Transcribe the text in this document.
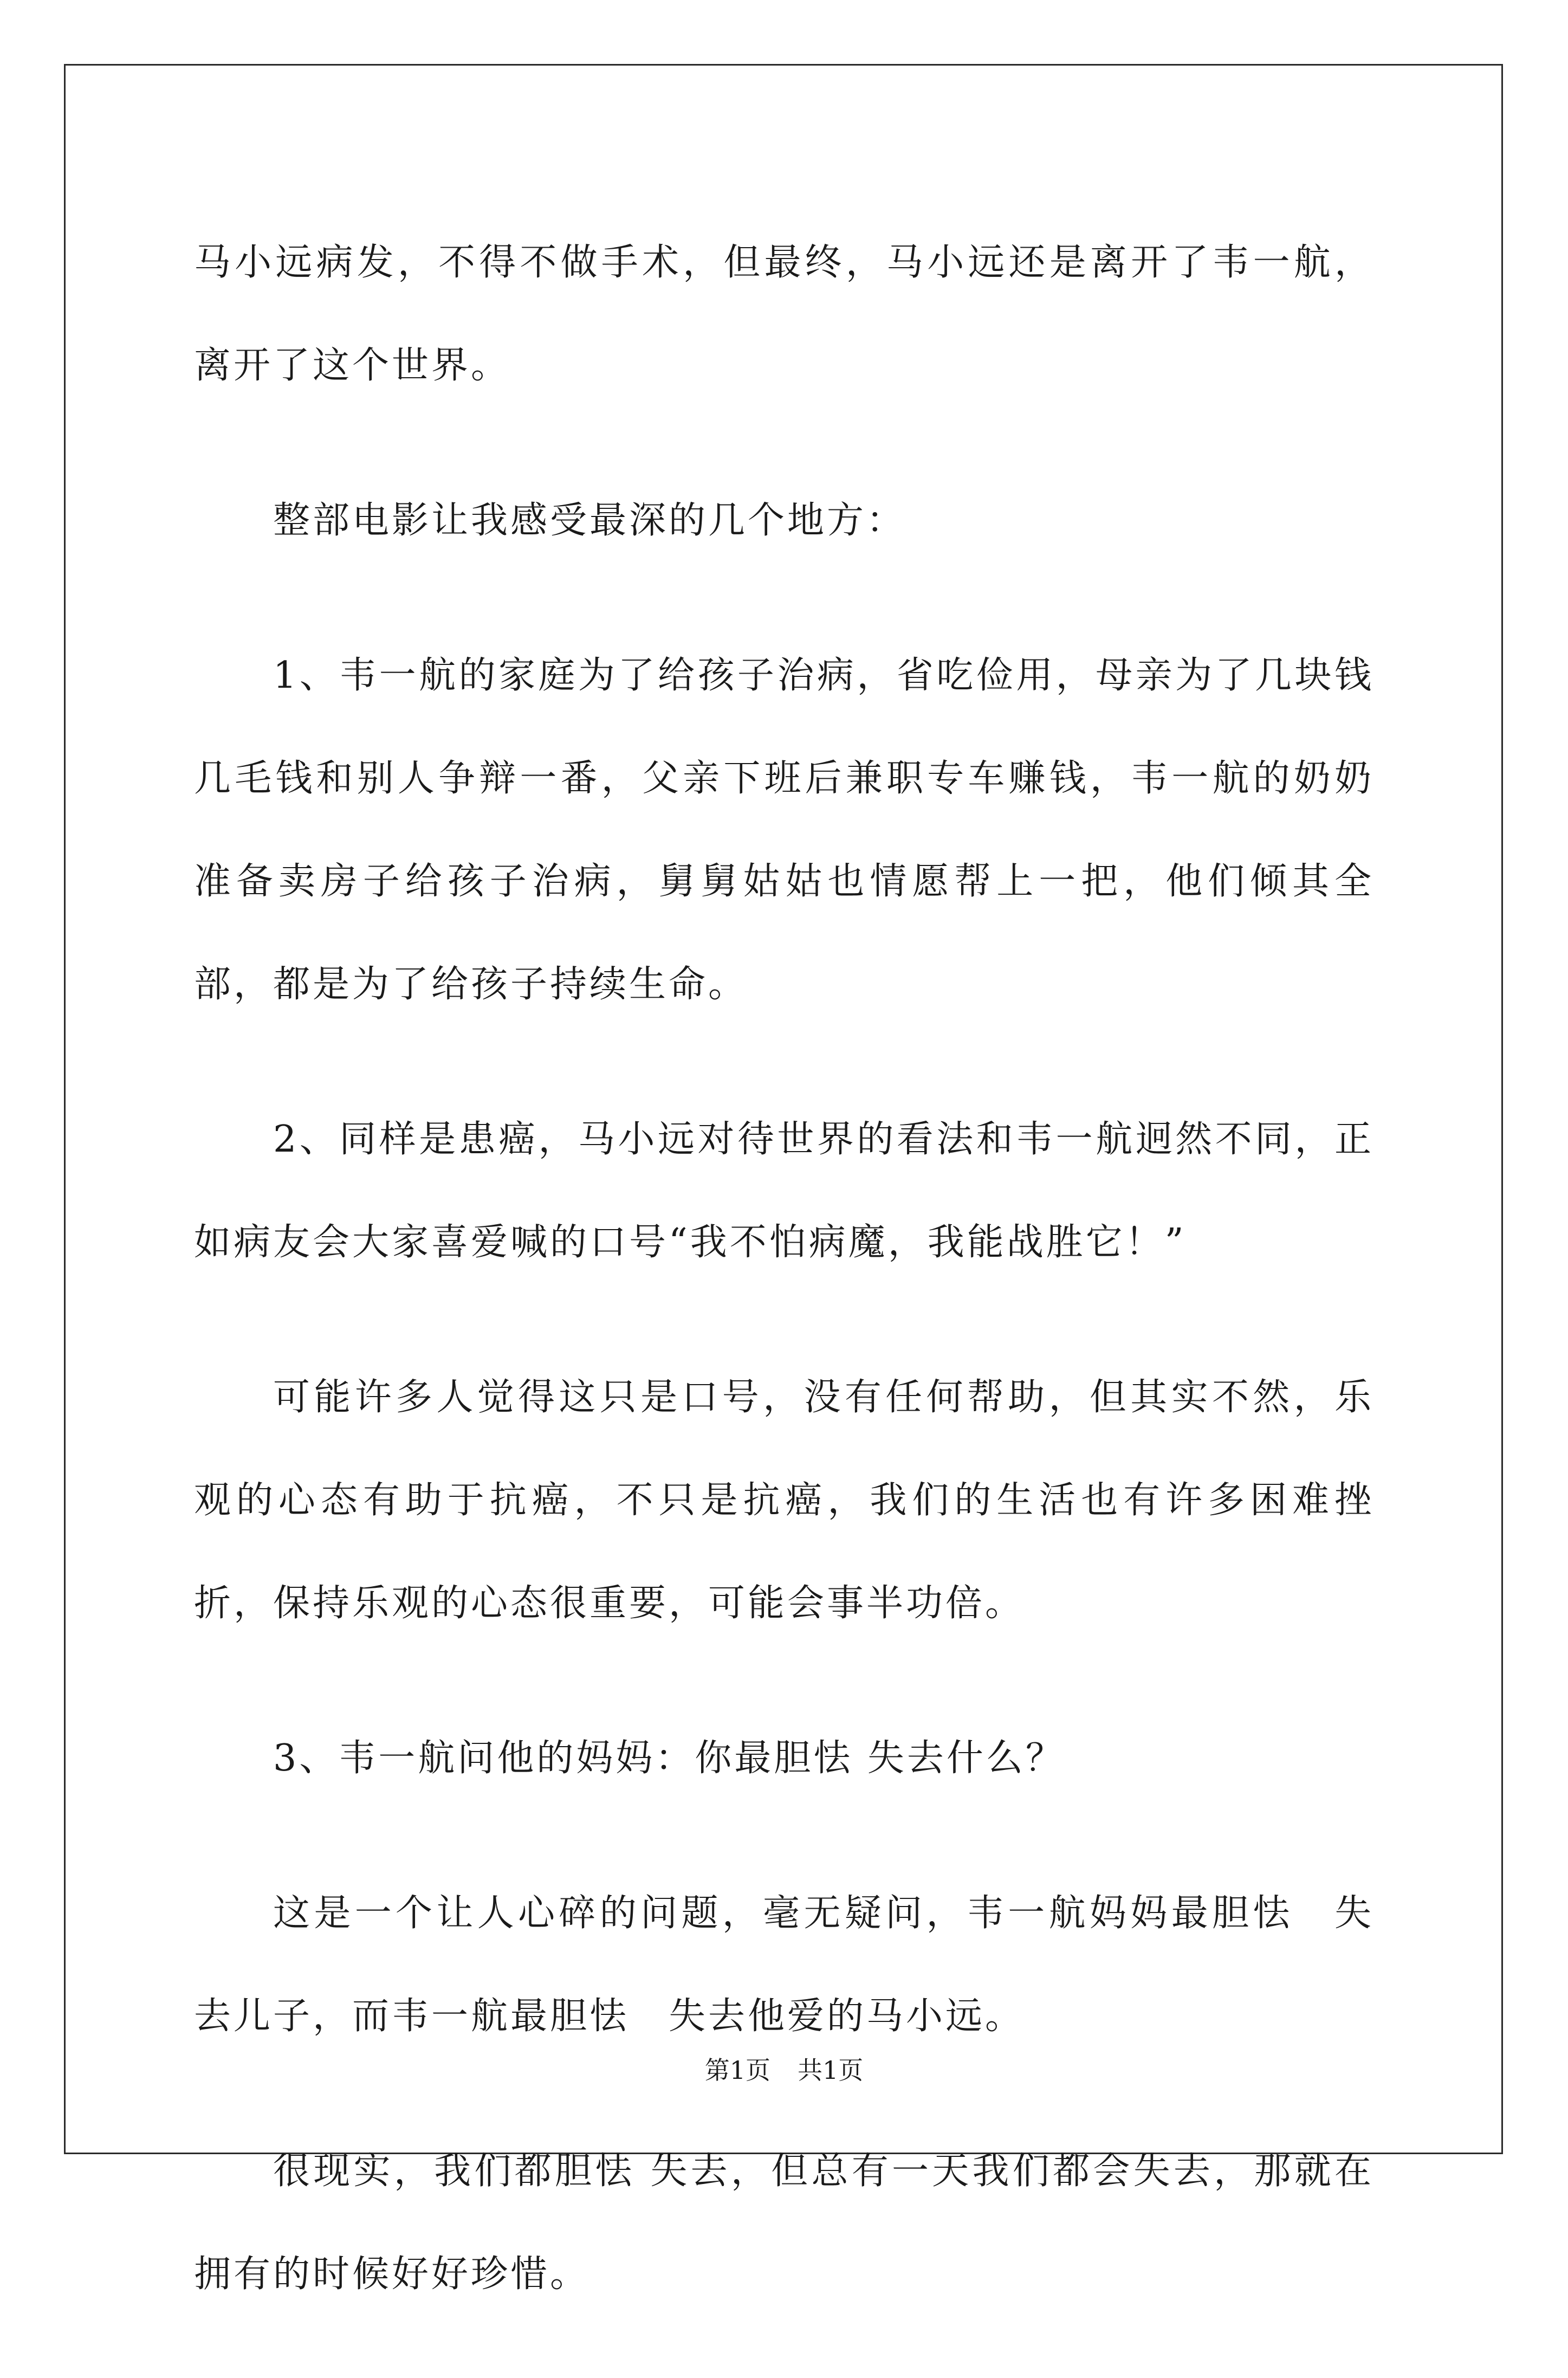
马小远病发，不得不做手术，但最终，马小远还是离开了韦一航，离开了这个世界。

整部电影让我感受最深的几个地方：

1、韦一航的家庭为了给孩子治病，省吃俭用，母亲为了几块钱几毛钱和别人争辩一番，父亲下班后兼职专车赚钱，韦一航的奶奶准备卖房子给孩子治病，舅舅姑姑也情愿帮上一把，他们倾其全部，都是为了给孩子持续生命。

2、同样是患癌，马小远对待世界的看法和韦一航迥然不同，正如病友会大家喜爱喊的口号“我不怕病魔，我能战胜它！”

可能许多人觉得这只是口号，没有任何帮助，但其实不然，乐观的心态有助于抗癌，不只是抗癌，我们的生活也有许多困难挫折，保持乐观的心态很重要，可能会事半功倍。

3、韦一航问他的妈妈：你最胆怯 失去什么？

这是一个让人心碎的问题，毫无疑问，韦一航妈妈最胆怯　失去儿子，而韦一航最胆怯　失去他爱的马小远。

很现实，我们都胆怯 失去，但总有一天我们都会失去，那就在拥有的时候好好珍惜。

第1页 共1页
